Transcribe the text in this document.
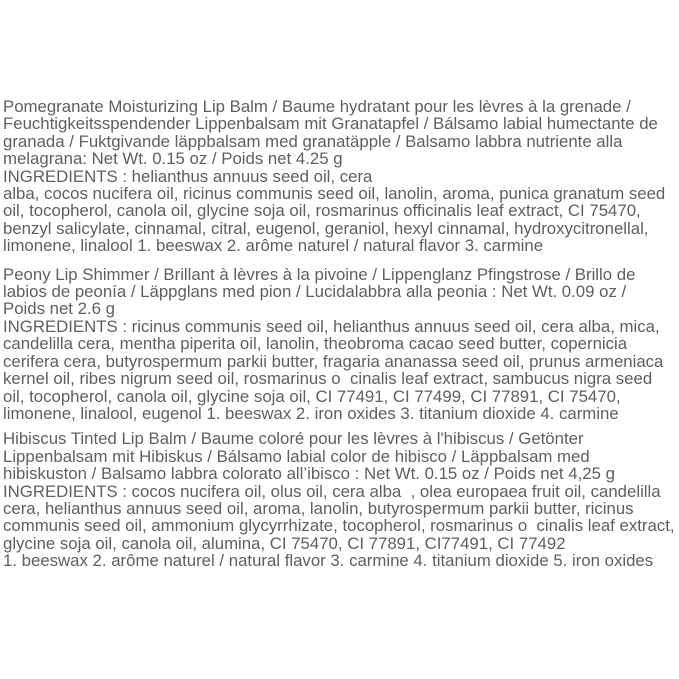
Pomegranate Moisturizing Lip Balm / Baume hydratant pour les lèvres à la grenade /
Feuchtigkeitsspendender Lippenbalsam mit Granatapfel / Bálsamo labial humectante de
granada / Fuktgivande läppbalsam med granatäpple / Balsamo labbra nutriente alla
melagrana: Net Wt. 0.15 oz / Poids net 4.25 g
INGREDIENTS : helianthus annuus seed oil, cera
alba, cocos nucifera oil, ricinus communis seed oil, lanolin, aroma, punica granatum seed
oil, tocopherol, canola oil, glycine soja oil, rosmarinus officinalis leaf extract, CI 75470,
benzyl salicylate, cinnamal, citral, eugenol, geraniol, hexyl cinnamal, hydroxycitronellal,
limonene, linalool 1. beeswax 2. arôme naturel / natural flavor 3. carmine
Peony Lip Shimmer / Brillant à lèvres à la pivoine / Lippenglanz Pfingstrose / Brillo de
labios de peonía / Läppglans med pion / Lucidalabbra alla peonia : Net Wt. 0.09 oz /
Poids net 2.6 g
INGREDIENTS : ricinus communis seed oil, helianthus annuus seed oil, cera alba, mica,
candelilla cera, mentha piperita oil, lanolin, theobroma cacao seed butter, copernicia
cerifera cera, butyrospermum parkii butter, fragaria ananassa seed oil, prunus armeniaca
kernel oil, ribes nigrum seed oil, rosmarinus o  cinalis leaf extract, sambucus nigra seed
oil, tocopherol, canola oil, glycine soja oil, CI 77491, CI 77499, CI 77891, CI 75470,
limonene, linalool, eugenol 1. beeswax 2. iron oxides 3. titanium dioxide 4. carmine
Hibiscus Tinted Lip Balm / Baume coloré pour les lèvres à l'hibiscus / Getönter
Lippenbalsam mit Hibiskus / Bálsamo labial color de hibisco / Läppbalsam med
hibiskuston / Balsamo labbra colorato all’ibisco : Net Wt. 0.15 oz / Poids net 4,25 g
INGREDIENTS : cocos nucifera oil, olus oil, cera alba  , olea europaea fruit oil, candelilla
cera, helianthus annuus seed oil, aroma, lanolin, butyrospermum parkii butter, ricinus
communis seed oil, ammonium glycyrrhizate, tocopherol, rosmarinus o  cinalis leaf extract,
glycine soja oil, canola oil, alumina, CI 75470, CI 77891, CI77491, CI 77492
1. beeswax 2. arôme naturel / natural flavor 3. carmine 4. titanium dioxide 5. iron oxides
